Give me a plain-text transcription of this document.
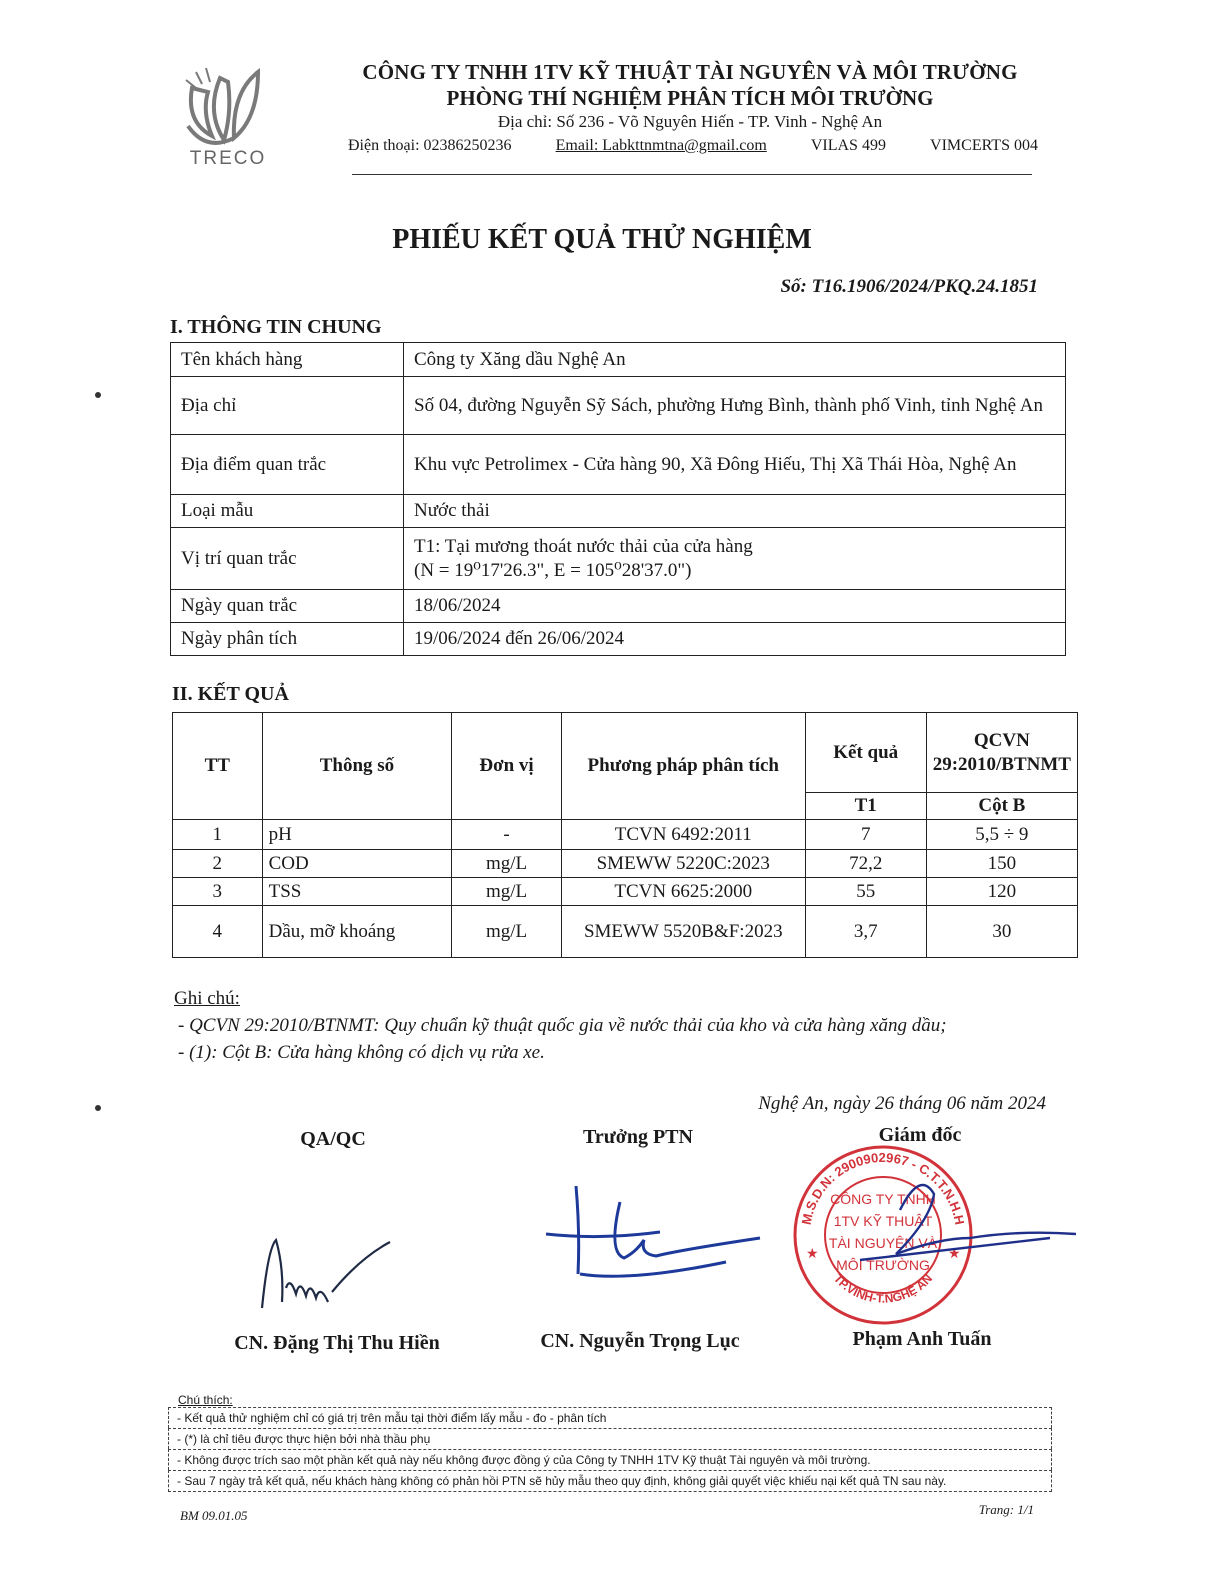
TRECO
CÔNG TY TNHH 1TV KỸ THUẬT TÀI NGUYÊN VÀ MÔI TRƯỜNG
PHÒNG THÍ NGHIỆM PHÂN TÍCH MÔI TRƯỜNG
Địa chỉ: Số 236 - Võ Nguyên Hiến - TP. Vinh - Nghệ An
Điện thoại: 02386250236	Email: Labkttnmtna@gmail.com	VILAS 499	VIMCERTS 004
PHIẾU KẾT QUẢ THỬ NGHIỆM
Số: T16.1906/2024/PKQ.24.1851
I. THÔNG TIN CHUNG
Tên khách hàng	Công ty Xăng dầu Nghệ An
Địa chỉ	Số 04, đường Nguyễn Sỹ Sách, phường Hưng Bình, thành phố Vinh, tỉnh Nghệ An
Địa điểm quan trắc	Khu vực Petrolimex - Cửa hàng 90, Xã Đông Hiếu, Thị Xã Thái Hòa, Nghệ An
Loại mẫu	Nước thải
Vị trí quan trắc	T1: Tại mương thoát nước thải của cửa hàng
(N = 19⁰17'26.3", E = 105⁰28'37.0")

Ngày quan trắc	18/06/2024
Ngày phân tích	19/06/2024 đến 26/06/2024
II. KẾT QUẢ
TT	Thông số	Đơn vị	Phương pháp phân tích	Kết quả	QCVN 29:2010/BTNMT
				T1	Cột B
1	pH	-	TCVN 6492:2011	7	5,5 ÷ 9
2	COD	mg/L	SMEWW 5220C:2023	72,2	150
3	TSS	mg/L	TCVN 6625:2000	55	120
4	Dầu, mỡ khoáng	mg/L	SMEWW 5520B&F:2023	3,7	30
Ghi chú:
- QCVN 29:2010/BTNMT: Quy chuẩn kỹ thuật quốc gia về nước thải của kho và cửa hàng xăng dầu;
- (1): Cột B: Cửa hàng không có dịch vụ rửa xe.
Nghệ An, ngày 26 tháng 06 năm 2024
QA/QC	Trưởng PTN	Giám đốc
M.S.D.N: 2900902967 - C.T.T.N.H.H
TP.VINH-T.NGHỆ AN
CÔNG TY TNHH
1TV KỸ THUẬT
TÀI NGUYÊN VÀ
MÔI TRƯỜNG
★	★
CN. Đặng Thị Thu Hiền	CN. Nguyễn Trọng Lục	Phạm Anh Tuấn
Chú thích:
- Kết quả thử nghiệm chỉ có giá trị trên mẫu tại thời điểm lấy mẫu - đo - phân tích
- (*) là chỉ tiêu được thực hiện bởi nhà thầu phụ
- Không được trích sao một phần kết quả này nếu không được đồng ý của Công ty TNHH 1TV Kỹ thuật Tài nguyên và môi trường.
- Sau 7 ngày trả kết quả, nếu khách hàng không có phản hồi PTN sẽ hủy mẫu theo quy định, không giải quyết việc khiếu nại kết quả TN sau này.
BM 09.01.05	Trang: 1/1
